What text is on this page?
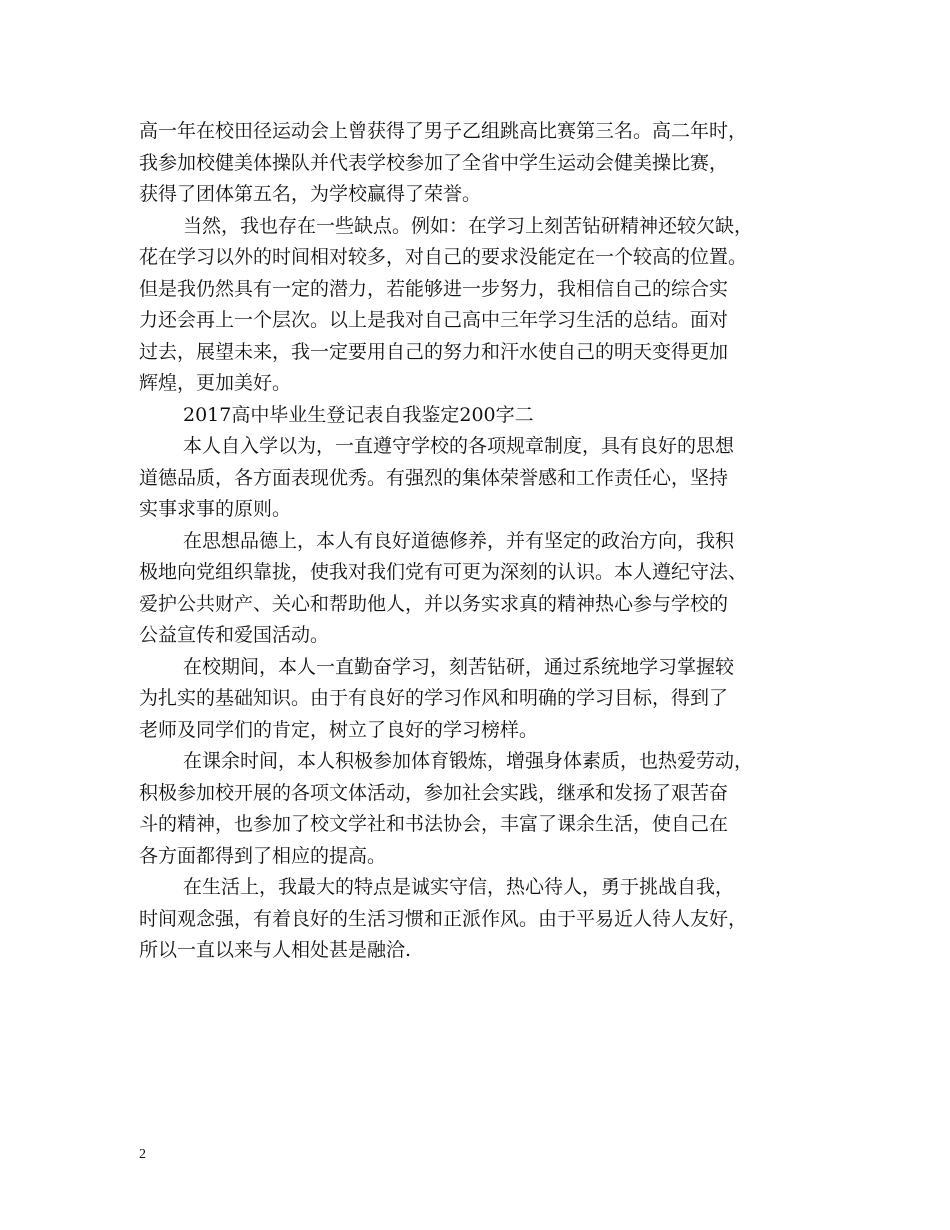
高一年在校田径运动会上曾获得了男子乙组跳高比赛第三名。高二年时，
我参加校健美体操队并代表学校参加了全省中学生运动会健美操比赛，
获得了团体第五名，为学校赢得了荣誉。
当然，我也存在一些缺点。例如：在学习上刻苦钻研精神还较欠缺，
花在学习以外的时间相对较多，对自己的要求没能定在一个较高的位置。
但是我仍然具有一定的潜力，若能够进一步努力，我相信自己的综合实
力还会再上一个层次。以上是我对自己高中三年学习生活的总结。面对
过去，展望未来，我一定要用自己的努力和汗水使自己的明天变得更加
辉煌，更加美好。
2017高中毕业生登记表自我鉴定200字二
本人自入学以为，一直遵守学校的各项规章制度，具有良好的思想
道德品质，各方面表现优秀。有强烈的集体荣誉感和工作责任心，坚持
实事求事的原则。
在思想品德上，本人有良好道德修养，并有坚定的政治方向，我积
极地向党组织靠拢，使我对我们党有可更为深刻的认识。本人遵纪守法、
爱护公共财产、关心和帮助他人，并以务实求真的精神热心参与学校的
公益宣传和爱国活动。
在校期间，本人一直勤奋学习，刻苦钻研，通过系统地学习掌握较
为扎实的基础知识。由于有良好的学习作风和明确的学习目标，得到了
老师及同学们的肯定，树立了良好的学习榜样。
在课余时间，本人积极参加体育锻炼，增强身体素质，也热爱劳动，
积极参加校开展的各项文体活动，参加社会实践，继承和发扬了艰苦奋
斗的精神，也参加了校文学社和书法协会，丰富了课余生活，使自己在
各方面都得到了相应的提高。
在生活上，我最大的特点是诚实守信，热心待人，勇于挑战自我，
时间观念强，有着良好的生活习惯和正派作风。由于平易近人待人友好，
所以一直以来与人相处甚是融洽.
2
